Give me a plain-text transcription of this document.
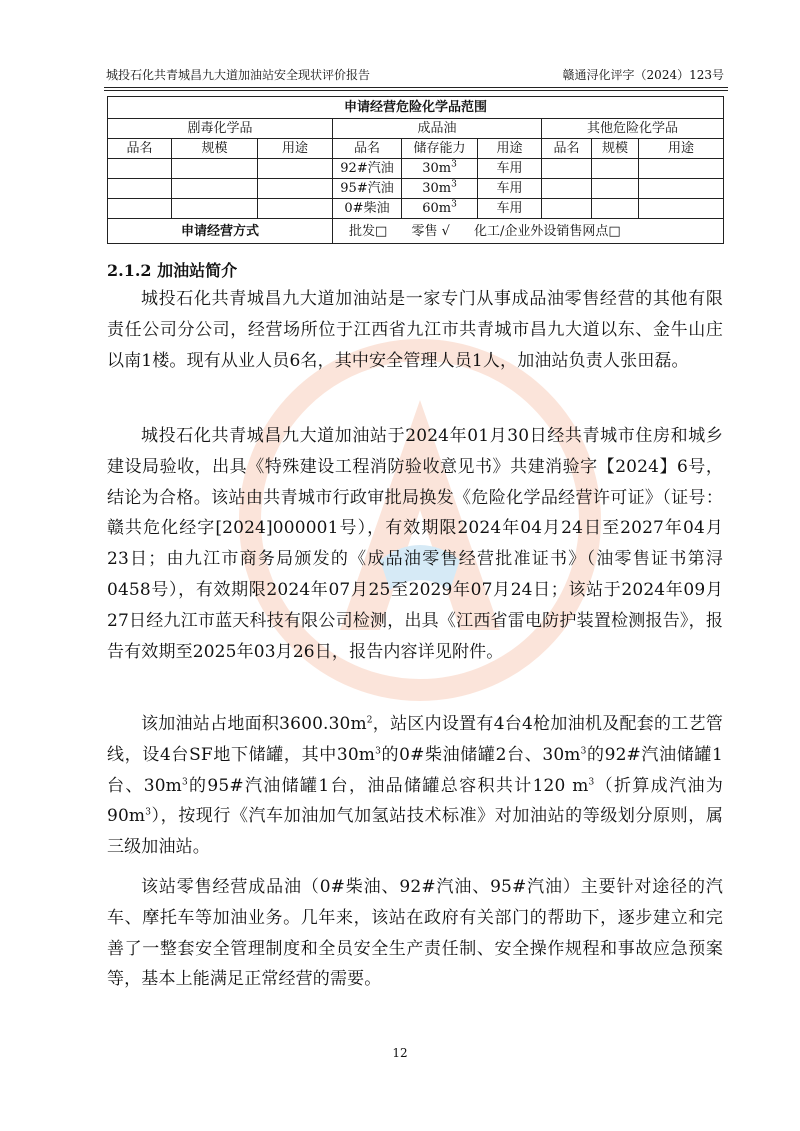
城投石化共青城昌九大道加油站安全现状评价报告	赣通浔化评字（2024）123号
申请经营危险化学品范围								
剧毒化学品			成品油			其他危险化学品		
品名	规模	用途	品名	储存能力	用途	品名	规模	用途
			92#汽油	$30m^3$	车用			
			95#汽油	$30m^3$	车用			
			0#柴油	$60m^3$	车用			
申请经营方式			批发□ 零售 √ 化工/企业外设销售网点□					
2.1.2 加油站简介

城投石化共青城昌九大道加油站是一家专门从事成品油零售经营的其他有限责任公司分公司，经营场所位于江西省九江市共青城市昌九大道以东、金牛山庄以南1楼。现有从业人员6名，其中安全管理人员1人，加油站负责人张田磊。

城投石化共青城昌九大道加油站于2024年01月30日经共青城市住房和城乡建设局验收，出具《特殊建设工程消防验收意见书》共建消验字【2024】6号，结论为合格。该站由共青城市行政审批局换发《危险化学品经营许可证》（证号：赣共危化经字[2024]000001号），有效期限2024年04月24日至2027年04月23日；由九江市商务局颁发的《成品油零售经营批准证书》（油零售证书第浔0458号），有效期限2024年07月25至2029年07月24日；该站于2024年09月27日经九江市蓝天科技有限公司检测，出具《江西省雷电防护装置检测报告》，报告有效期至2025年03月26日，报告内容详见附件。

该加油站占地面积$3600.30m^2$，站区内设置有4台4枪加油机及配套的工艺管线，设4台SF地下储罐，其中$30m^3$的0#柴油储罐2台、$30m^3$的92#汽油储罐1台、$30m^3$的95#汽油储罐1台，油品储罐总容积共计120 $m^3$（折算成汽油为$90m^3$），按现行《汽车加油加气加氢站技术标准》对加油站的等级划分原则，属三级加油站。

该站零售经营成品油（0#柴油、92#汽油、95#汽油）主要针对途径的汽车、摩托车等加油业务。几年来，该站在政府有关部门的帮助下，逐步建立和完善了一整套安全管理制度和全员安全生产责任制、安全操作规程和事故应急预案等，基本上能满足正常经营的需要。

12
